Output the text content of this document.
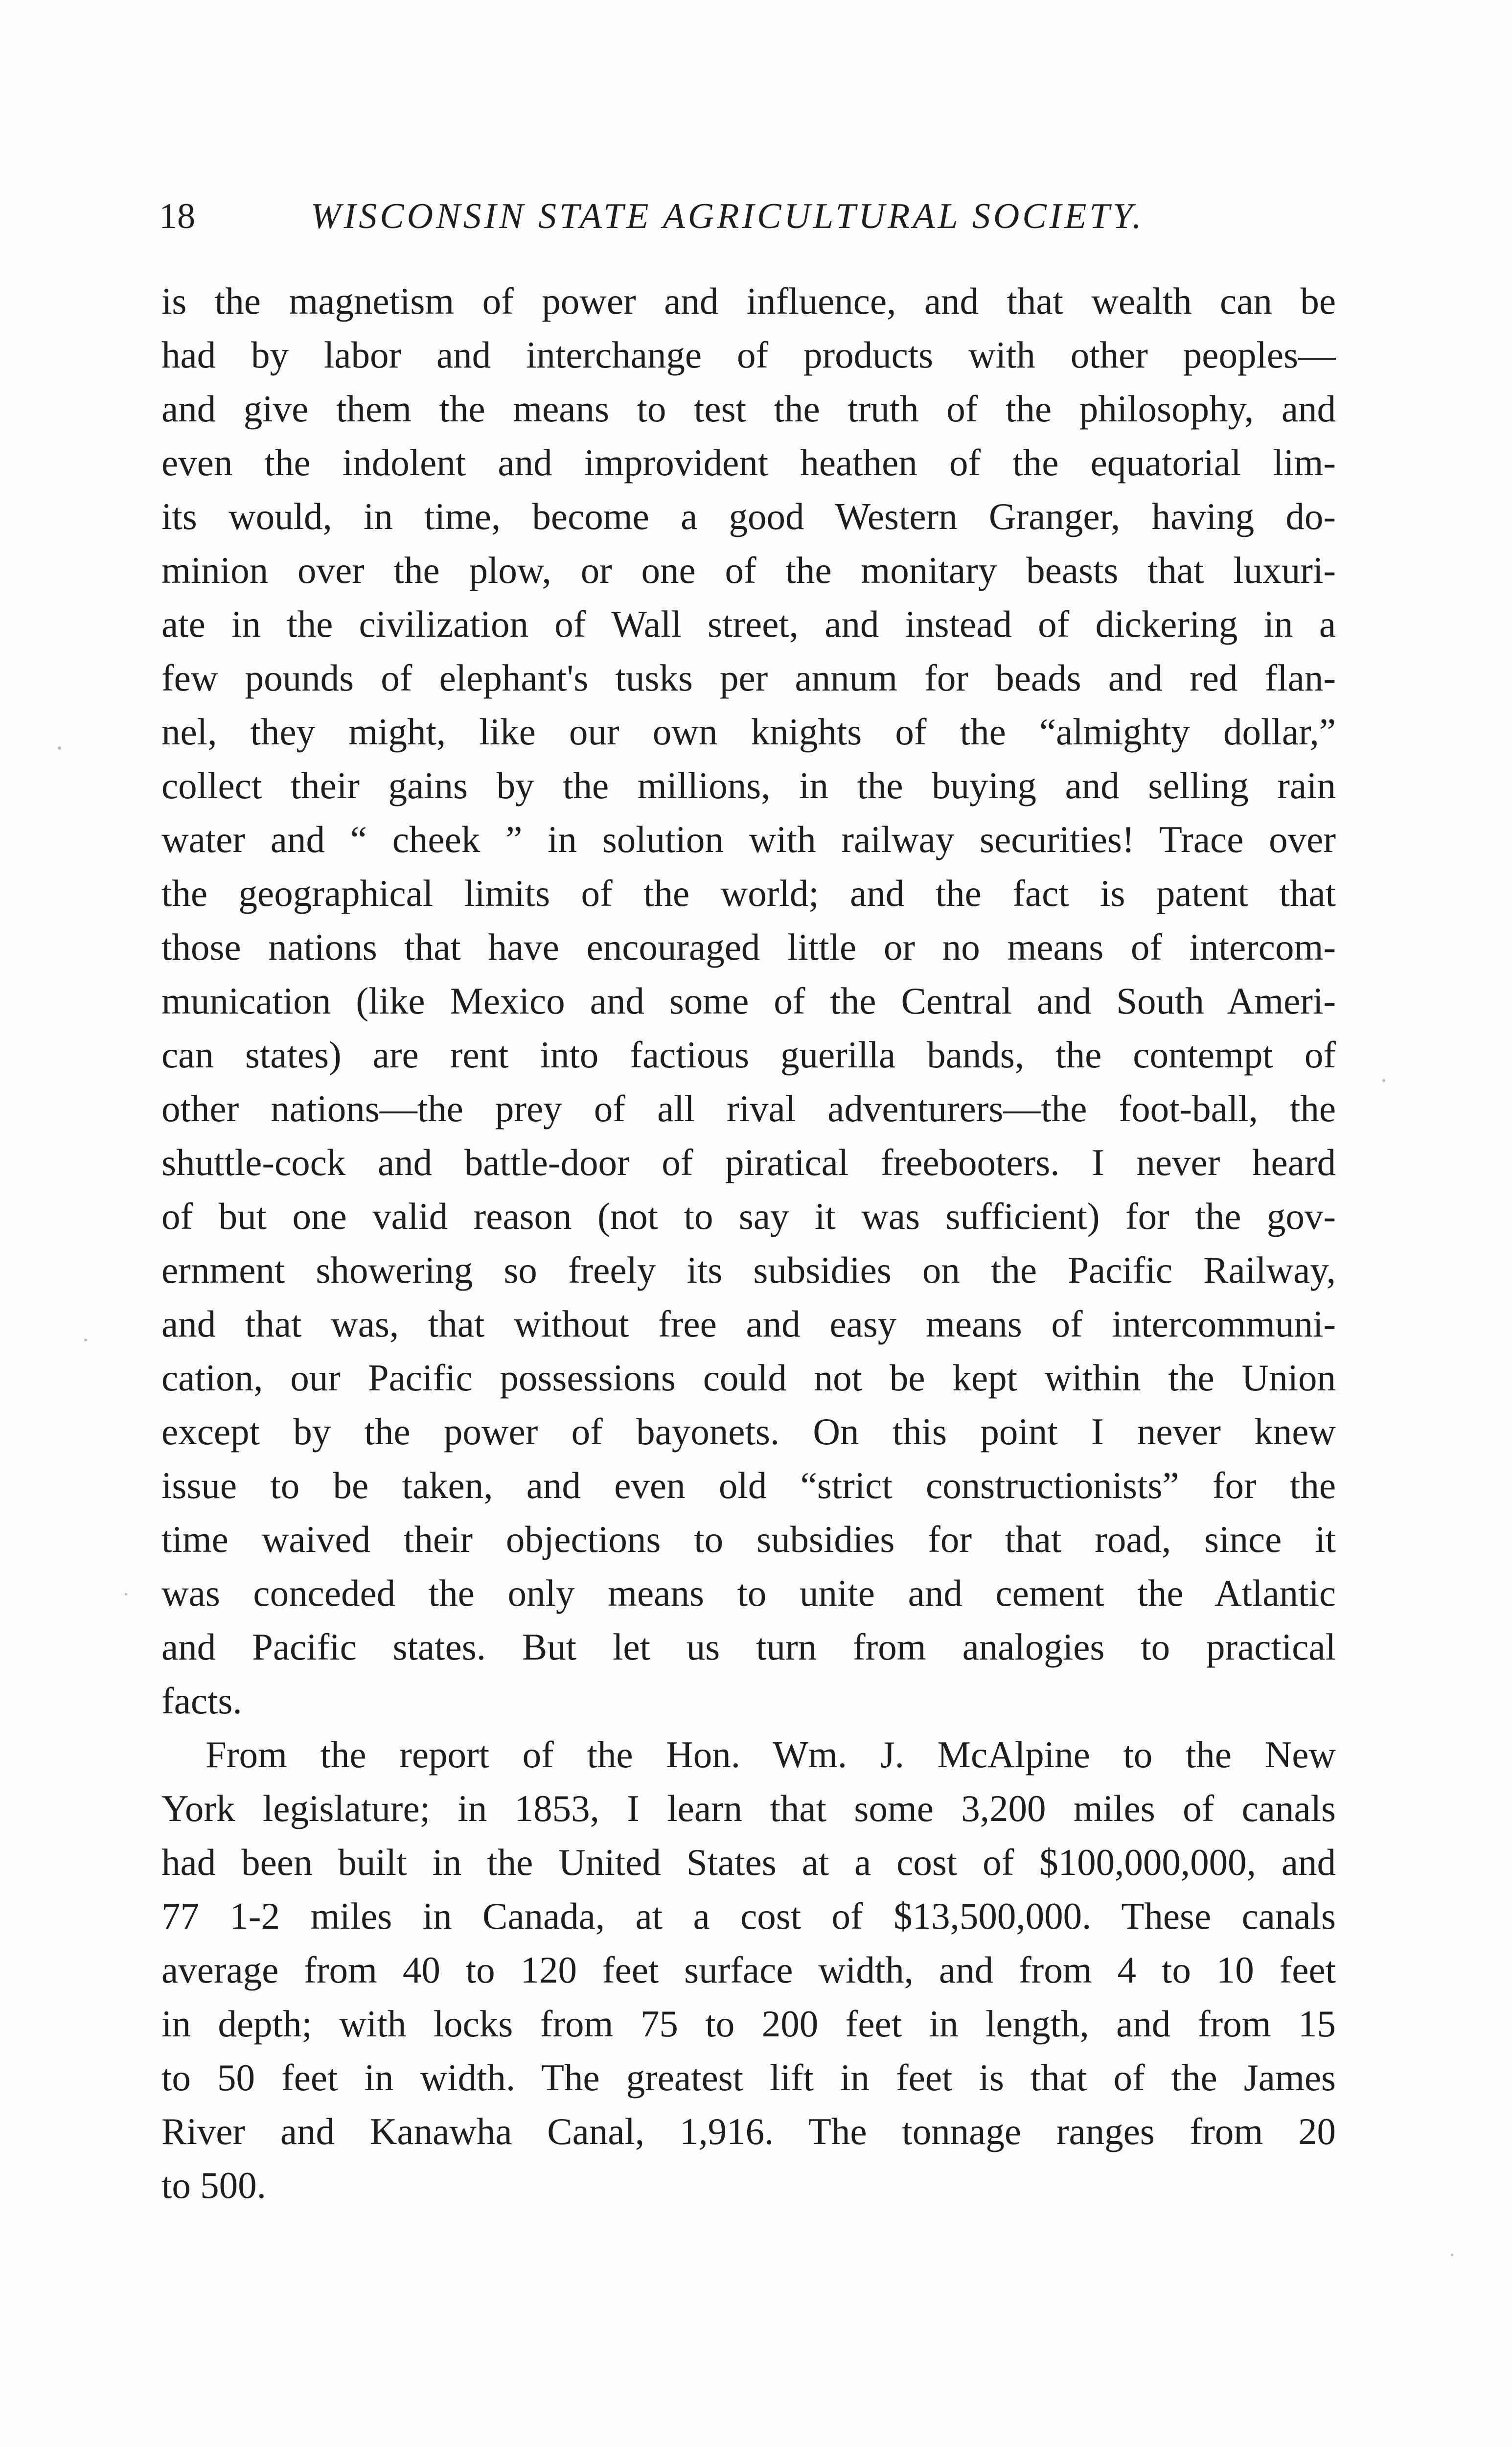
18	WISCONSIN STATE AGRICULTURAL SOCIETY.
is the magnetism of power and influence, and that wealth can be
had by labor and interchange of products with other peoples—
and give them the means to test the truth of the philosophy, and
even the indolent and improvident heathen of the equatorial lim-
its would, in time, become a good Western Granger, having do-
minion over the plow, or one of the monitary beasts that luxuri-
ate in the civilization of Wall street, and instead of dickering in a
few pounds of elephant's tusks per annum for beads and red flan-
nel, they might, like our own knights of the “almighty dollar,”
collect their gains by the millions, in the buying and selling rain
water and “ cheek ” in solution with railway securities! Trace over
the geographical limits of the world; and the fact is patent that
those nations that have encouraged little or no means of intercom-
munication (like Mexico and some of the Central and South Ameri-
can states) are rent into factious guerilla bands, the contempt of
other nations—the prey of all rival adventurers—the foot-ball, the
shuttle-cock and battle-door of piratical freebooters. I never heard
of but one valid reason (not to say it was sufficient) for the gov-
ernment showering so freely its subsidies on the Pacific Railway,
and that was, that without free and easy means of intercommuni-
cation, our Pacific possessions could not be kept within the Union
except by the power of bayonets. On this point I never knew
issue to be taken, and even old “strict constructionists” for the
time waived their objections to subsidies for that road, since it
was conceded the only means to unite and cement the Atlantic
and Pacific states. But let us turn from analogies to practical
facts.
From the report of the Hon. Wm. J. McAlpine to the New
York legislature; in 1853, I learn that some 3,200 miles of canals
had been built in the United States at a cost of $100,000,000, and
77 1-2 miles in Canada, at a cost of $13,500,000. These canals
average from 40 to 120 feet surface width, and from 4 to 10 feet
in depth; with locks from 75 to 200 feet in length, and from 15
to 50 feet in width. The greatest lift in feet is that of the James
River and Kanawha Canal, 1,916. The tonnage ranges from 20
to 500.
